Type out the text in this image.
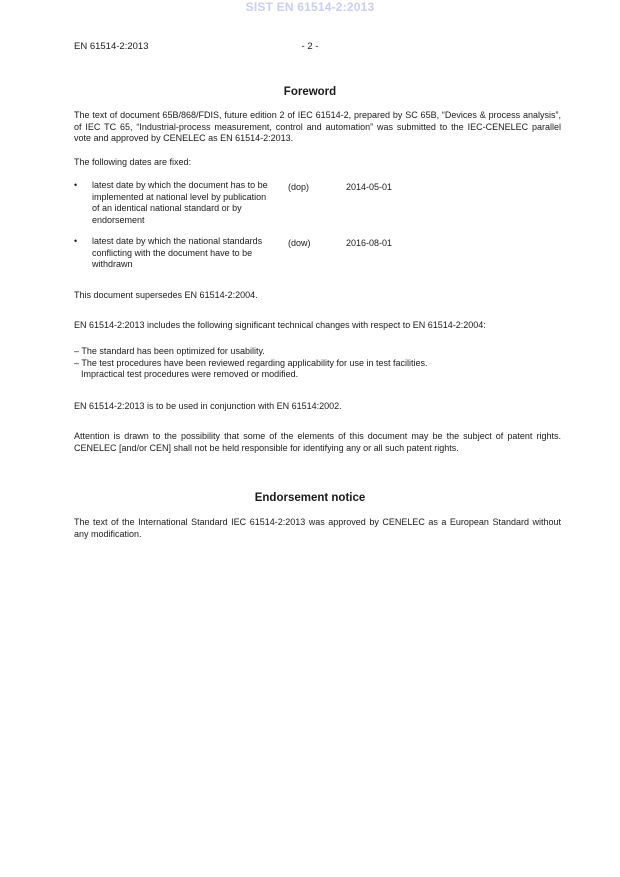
SIST EN 61514-2:2013
EN 61514-2:2013	- 2 -
Foreword
The text of document 65B/868/FDIS, future edition 2 of IEC 61514-2, prepared by SC 65B, “Devices & process analysis”, of IEC TC 65, “Industrial-process measurement, control and automation” was submitted to the IEC-CENELEC parallel vote and approved by CENELEC as EN 61514-2:2013.
The following dates are fixed:
• latest date by which the document has to be implemented at national level by publication of an identical national standard or by endorsement
(dop)	2014-05-01
• latest date by which the national standards conflicting with the document have to be withdrawn
(dow)	2016-08-01
This document supersedes EN 61514-2:2004.
EN 61514-2:2013 includes the following significant technical changes with respect to EN 61514-2:2004:
– The standard has been optimized for usability.
– The test procedures have been reviewed regarding applicability for use in test facilities.
Impractical test procedures were removed or modified.
EN 61514-2:2013 is to be used in conjunction with EN 61514:2002.
Attention is drawn to the possibility that some of the elements of this document may be the subject of patent rights. CENELEC [and/or CEN] shall not be held responsible for identifying any or all such patent rights.
Endorsement notice
The text of the International Standard IEC 61514-2:2013 was approved by CENELEC as a European Standard without any modification.
